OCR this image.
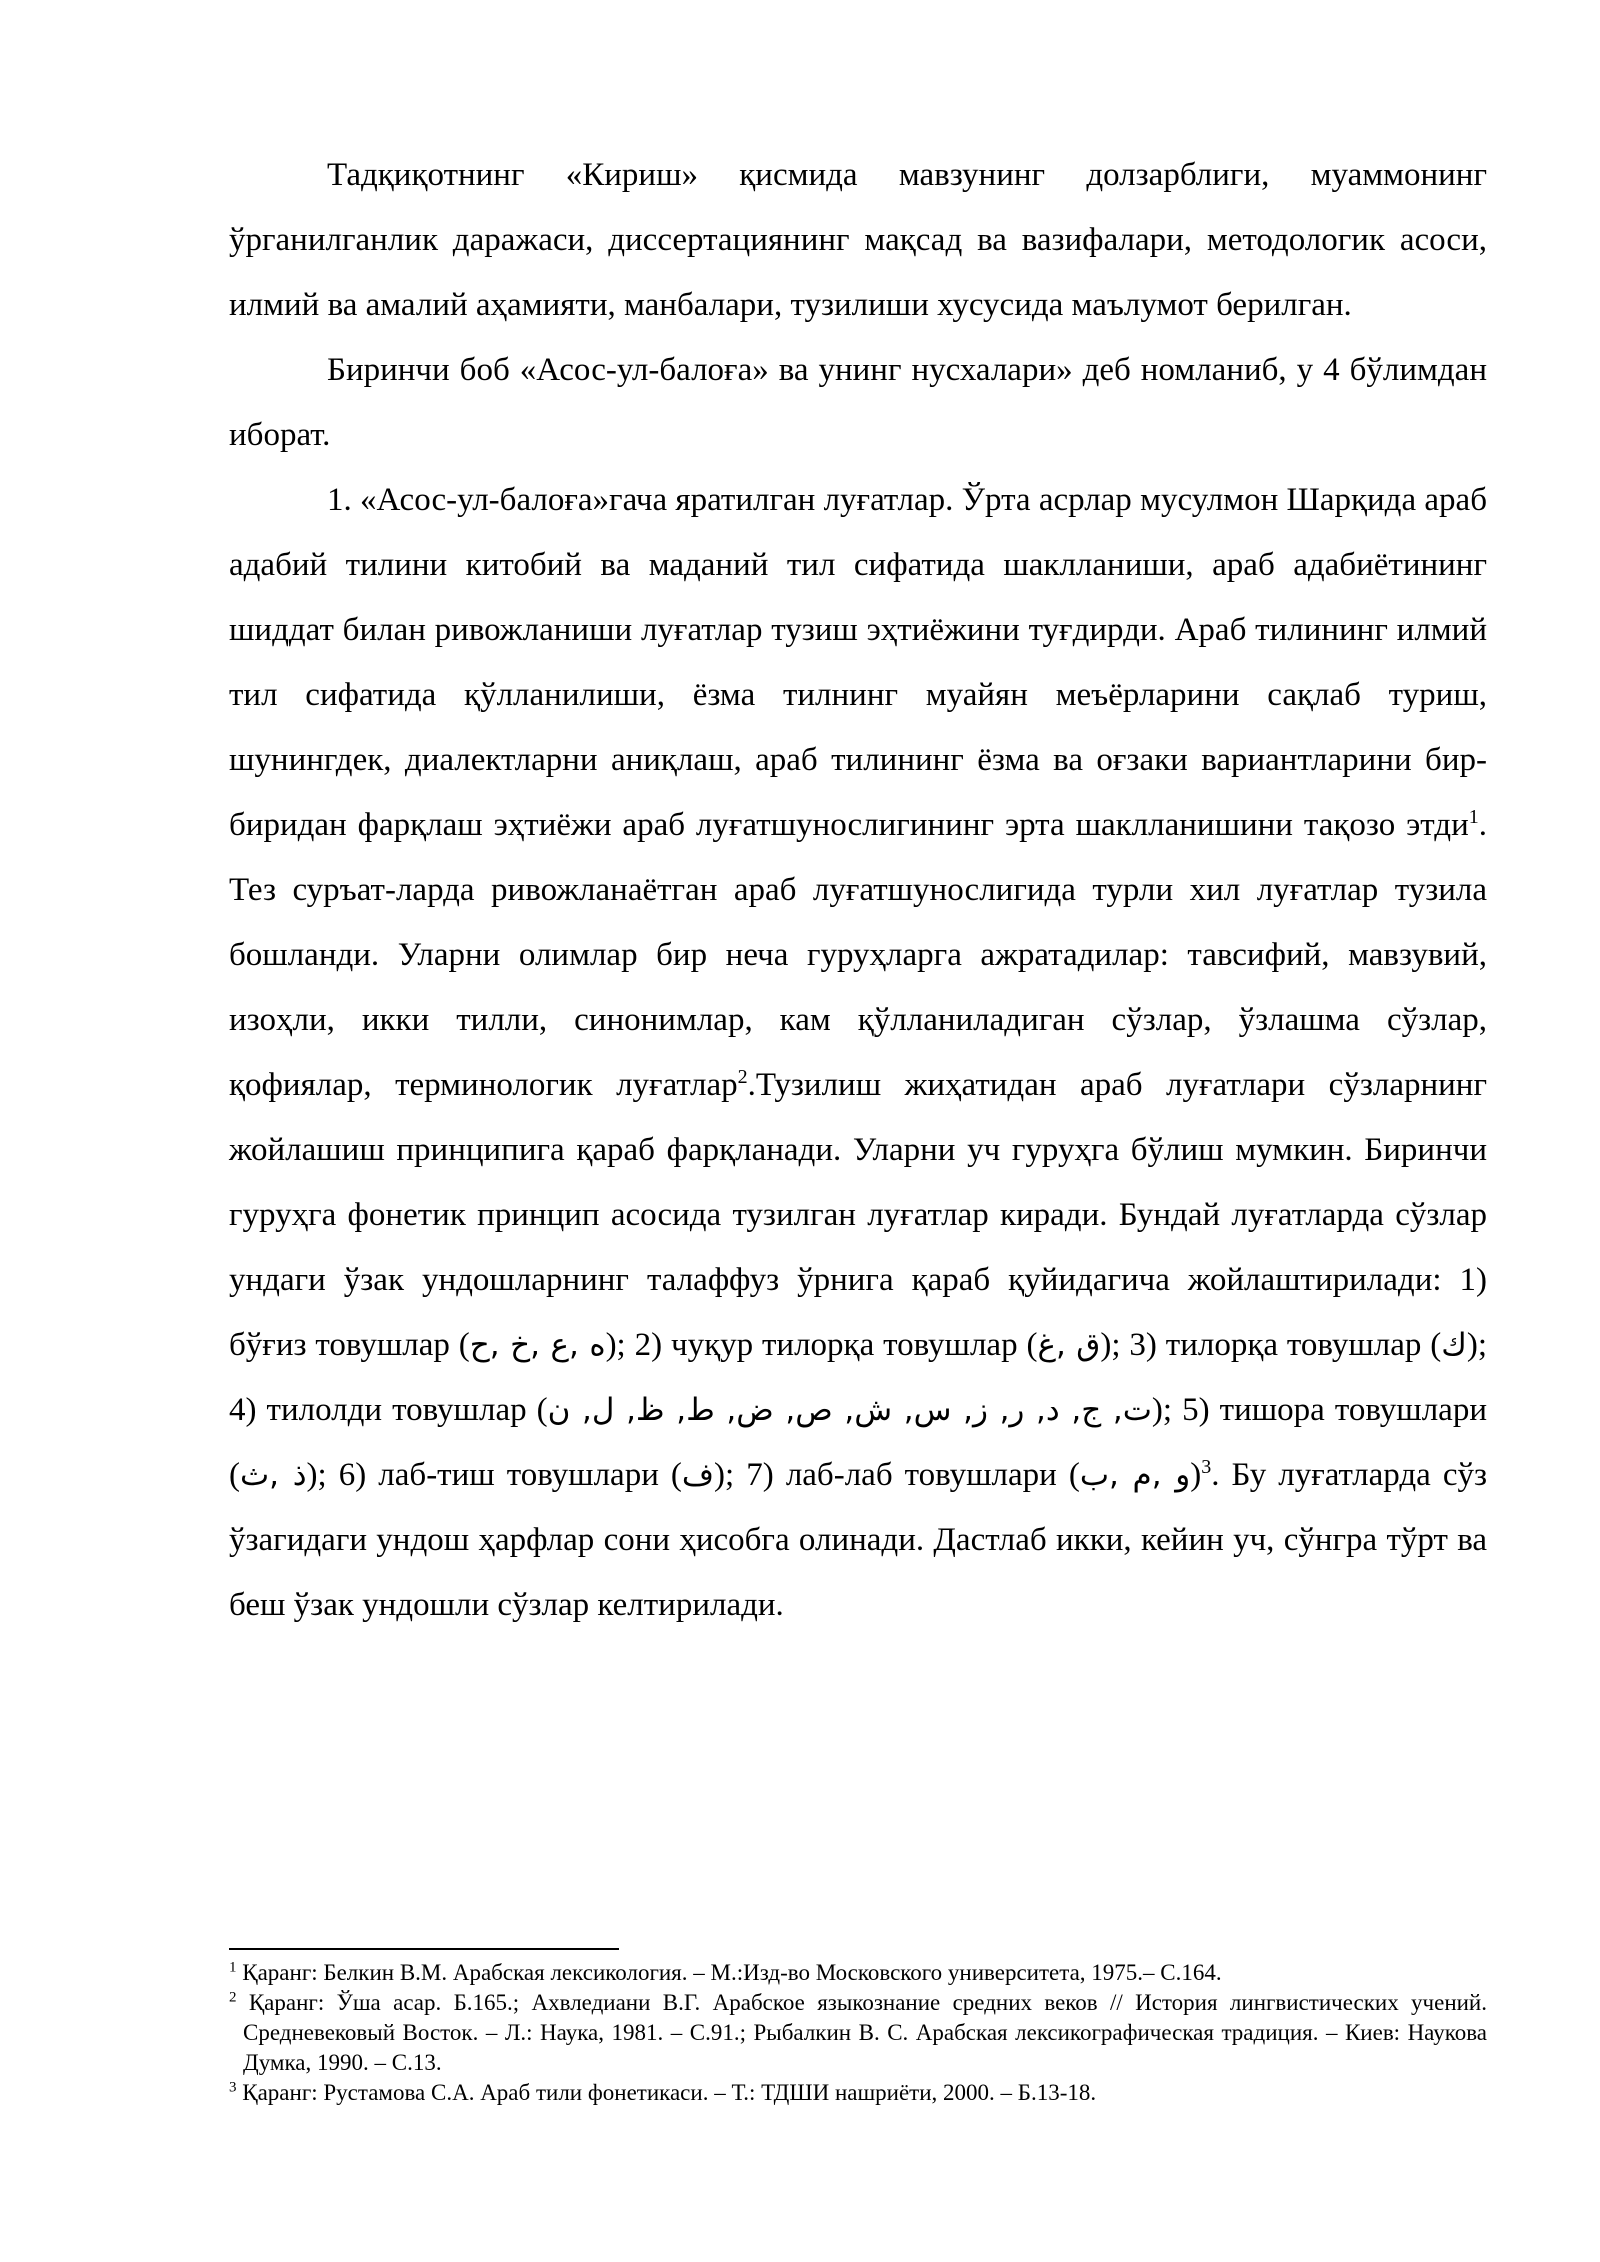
Тадқиқотнинг «Кириш» қисмида мавзунинг долзарблиги, муаммонинг ўрганилганлик даражаси, диссертациянинг мақсад ва вазифалари, методологик асоси, илмий ва амалий аҳамияти, манбалари, тузилиши хусусида маълумот берилган.

Биринчи боб «Асос-ул-балоға» ва унинг нусхалари» деб номланиб, у 4 бўлимдан иборат.

1. «Асос-ул-балоға»гача яратилган луғатлар. Ўрта асрлар мусулмон Шарқида араб адабий тилини китобий ва маданий тил сифатида шаклланиши, араб адабиётининг шиддат билан ривожланиши луғатлар тузиш эҳтиёжини туғдирди. Араб тилининг илмий тил сифатида қўлланилиши, ёзма тилнинг муайян меъёрларини сақлаб туриш, шунингдек, диалектларни аниқлаш, араб тилининг ёзма ва оғзаки вариантларини бир-биридан фарқлаш эҳтиёжи араб луғатшунослигининг эрта шаклланишини тақозо этди$^1$. Тез суръат-ларда ривожланаётган араб луғатшунослигида турли хил луғатлар тузила бошланди. Уларни олимлар бир неча гуруҳларга ажратадилар: тавсифий, мавзувий, изоҳли, икки тилли, синонимлар, кам қўлланиладиган сўзлар, ўзлашма сўзлар, қофиялар, терминологик луғатлар$^2$.Тузилиш жиҳатидан араб луғатлари сўзларнинг жойлашиш принципига қараб фарқланади. Уларни уч гуруҳга бўлиш мумкин. Биринчи гуруҳга фонетик принцип асосида тузилган луғатлар киради. Бундай луғатларда сўзлар ундаги ўзак ундошларнинг талаффуз ўрнига қараб қуйидагича жойлаштирилади: 1) бўғиз товушлар (ه ,ع ,خ ,ح); 2) чуқур тилорқа товушлар (ق ,غ); 3) тилорқа товушлар (ك); 4) тилолди товушлар (ت, ج, د, ر, ز, س, ش, ص, ض, ط, ظ, ل, ن); 5) тишора товушлари (ذ ,ث); 6) лаб-тиш товушлари (ف); 7) лаб-лаб товушлари (و ,م ,ب)$^3$. Бу луғатларда сўз ўзагидаги ундош ҳарфлар сони ҳисобга олинади. Дастлаб икки, кейин уч, сўнгра тўрт ва беш ўзак ундошли сўзлар келтирилади.

$^1$ Қаранг: Белкин В.М. Арабская лексикология. – М.:Изд-во Московского университета, 1975.– С.164.

$^2$ Қаранг: Ўша асар. Б.165.; Ахвледиани В.Г. Арабское языкознание средних веков // История лингвистических учений. Средневековый Восток. – Л.: Наука, 1981. – С.91.; Рыбалкин В. С. Арабская лексикографическая традиция. – Киев: Наукова Думка, 1990. – С.13.

$^3$ Қаранг: Рустамова С.А. Араб тили фонетикаси. – Т.: ТДШИ нашриёти, 2000. – Б.13-18.
